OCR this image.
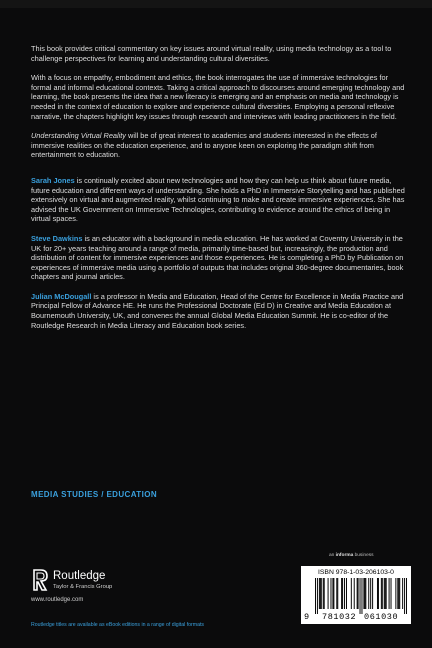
This book provides critical commentary on key issues around virtual reality, using media technology as a tool to challenge perspectives for learning and understanding cultural diversities.

With a focus on empathy, embodiment and ethics, the book interrogates the use of immersive technologies for formal and informal educational contexts. Taking a critical approach to discourses around emerging technology and learning, the book presents the idea that a new literacy is emerging and an emphasis on media and technology is needed in the context of education to explore and experience cultural diversities. Employing a personal reflexive narrative, the chapters highlight key issues through research and interviews with leading practitioners in the field.

Understanding Virtual Reality will be of great interest to academics and students interested in the effects of immersive realities on the education experience, and to anyone keen on exploring the paradigm shift from entertainment to education.

Sarah Jones is continually excited about new technologies and how they can help us think about future media, future education and different ways of understanding. She holds a PhD in Immersive Storytelling and has published extensively on virtual and augmented reality, whilst continuing to make and create immersive experiences. She has advised the UK Government on Immersive Technologies, contributing to evidence around the ethics of being in virtual spaces.

Steve Dawkins is an educator with a background in media education. He has worked at Coventry University in the UK for 20+ years teaching around a range of media, primarily time-based but, increasingly, the production and distribution of content for immersive experiences and those experiences. He is completing a PhD by Publication on experiences of immersive media using a portfolio of outputs that includes original 360-degree documentaries, book chapters and journal articles.

Julian McDougall is a professor in Media and Education, Head of the Centre for Excellence in Media Practice and Principal Fellow of Advance HE. He runs the Professional Doctorate (Ed D) in Creative and Media Education at Bournemouth University, UK, and convenes the annual Global Media Education Summit. He is co-editor of the Routledge Research in Media Literacy and Education book series.

MEDIA STUDIES / EDUCATION
an informa business
Routledge
Taylor & Francis Group
www.routledge.com
Routledge titles are available as eBook editions in a range of digital formats
ISBN 978-1-03-206103-0
9 781032 061030
